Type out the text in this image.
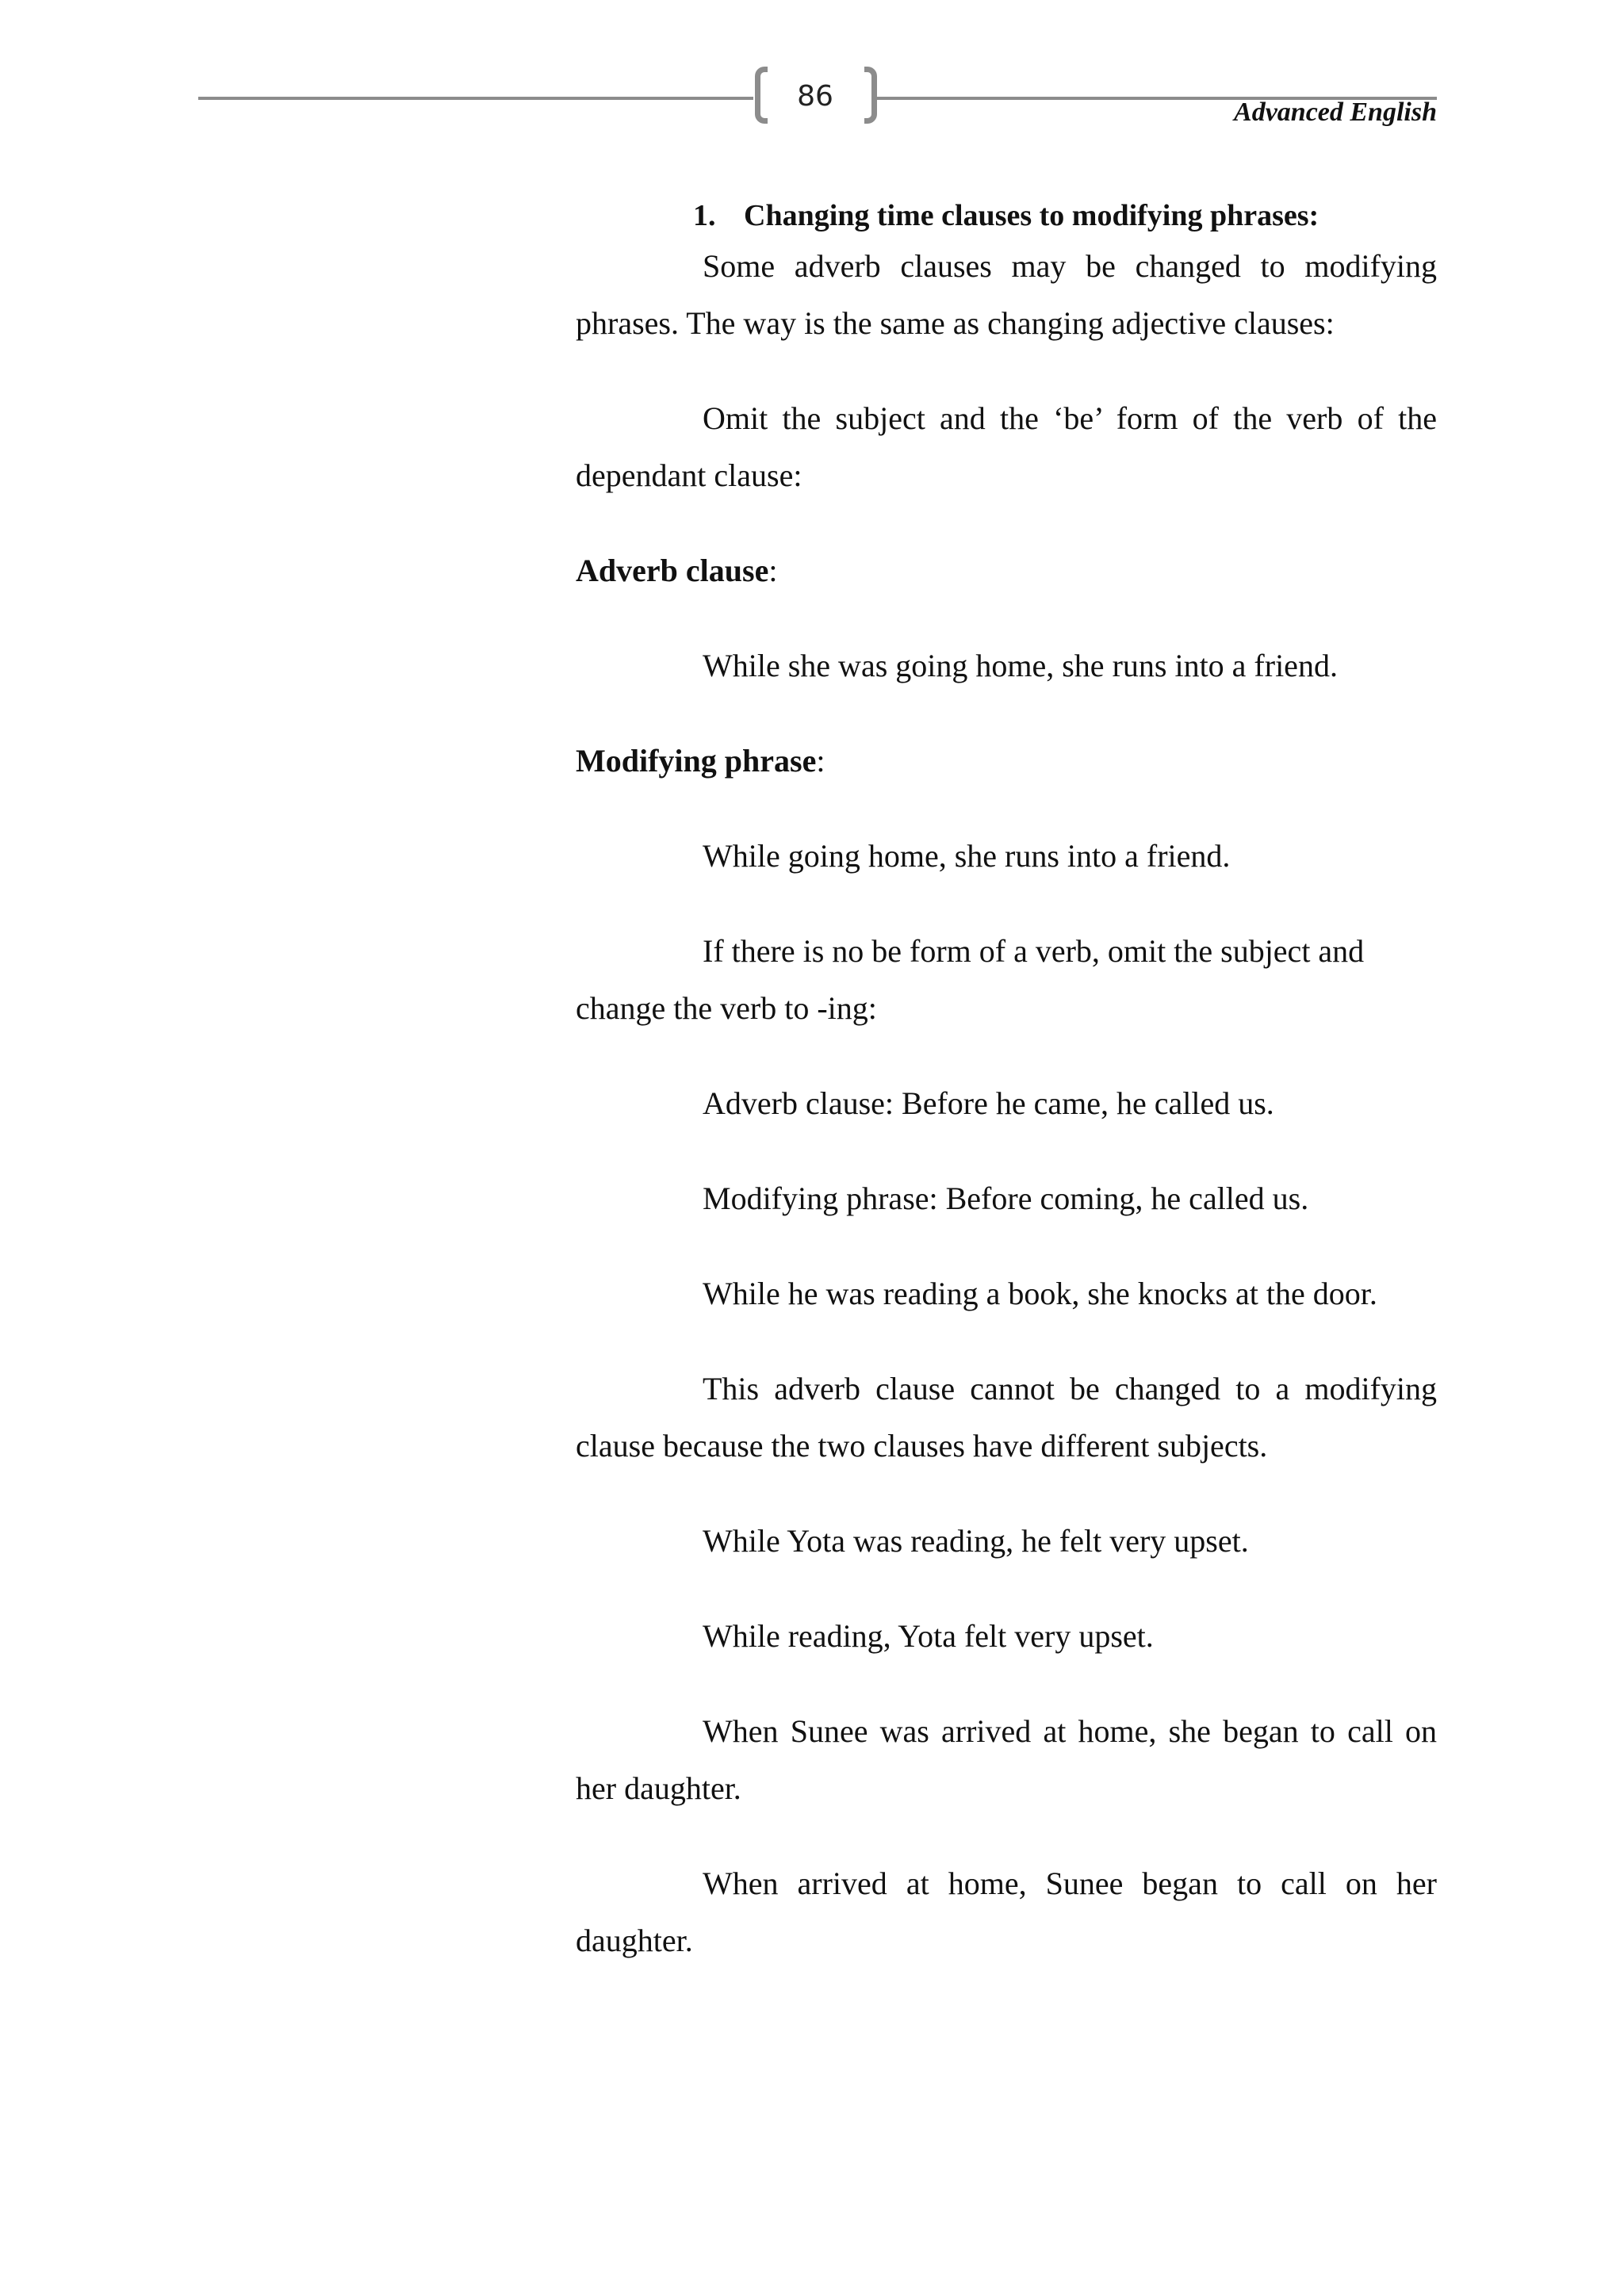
86	Advanced English

1. Changing time clauses to modifying phrases:

Some adverb clauses may be changed to modifying phrases. The way is the same as changing adjective clauses:

Omit the subject and the ‘be’ form of the verb of the dependant clause:

Adverb clause:

While she was going home, she runs into a friend.

Modifying phrase:

While going home, she runs into a friend.

If there is no be form of a verb, omit the subject and change the verb to -ing:

Adverb clause: Before he came, he called us.

Modifying phrase: Before coming, he called us.

While he was reading a book, she knocks at the door.

This adverb clause cannot be changed to a modifying clause because the two clauses have different subjects.

While Yota was reading, he felt very upset.

While reading, Yota felt very upset.

When Sunee was arrived at home, she began to call on her daughter.

When arrived at home, Sunee began to call on her daughter.
